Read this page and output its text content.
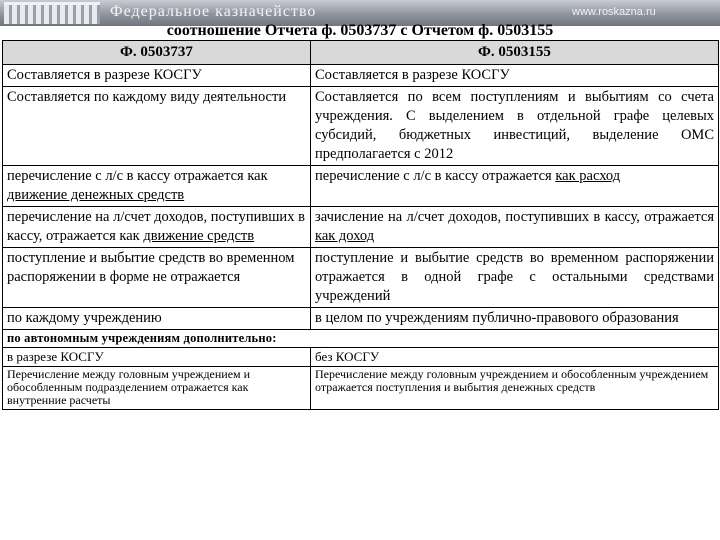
Федеральное казначейство	www.roskazna.ru
соотношение Отчета ф. 0503737 с Отчетом ф. 0503155
Ф. 0503737	Ф. 0503155
Составляется в разрезе КОСГУ	Составляется в разрезе КОСГУ
Составляется по каждому виду деятельности	Составляется по всем поступлениям и выбытиям со счета учреждения. С выделением в отдельной графе целевых субсидий, бюджетных инвестиций, выделение ОМС предполагается с 2012
перечисление с л/с в кассу отражается как движение денежных средств	перечисление с л/с в кассу отражается как расход
перечисление на л/счет доходов, поступивших в кассу, отражается как движение средств	зачисление на л/счет доходов, поступивших в кассу, отражается как доход
поступление и выбытие средств во временном распоряжении в форме не отражается	поступление и выбытие средств во временном распоряжении отражается в одной графе с остальными средствами учреждений
по каждому учреждению	в целом по учреждениям публично-правового образования
по автономным учреждениям дополнительно:	
в разрезе КОСГУ	без КОСГУ
Перечисление между головным учреждением и обособленным подразделением отражается как внутренние расчеты	Перечисление между головным учреждением и обособленным учреждением отражается поступления и выбытия денежных средств
